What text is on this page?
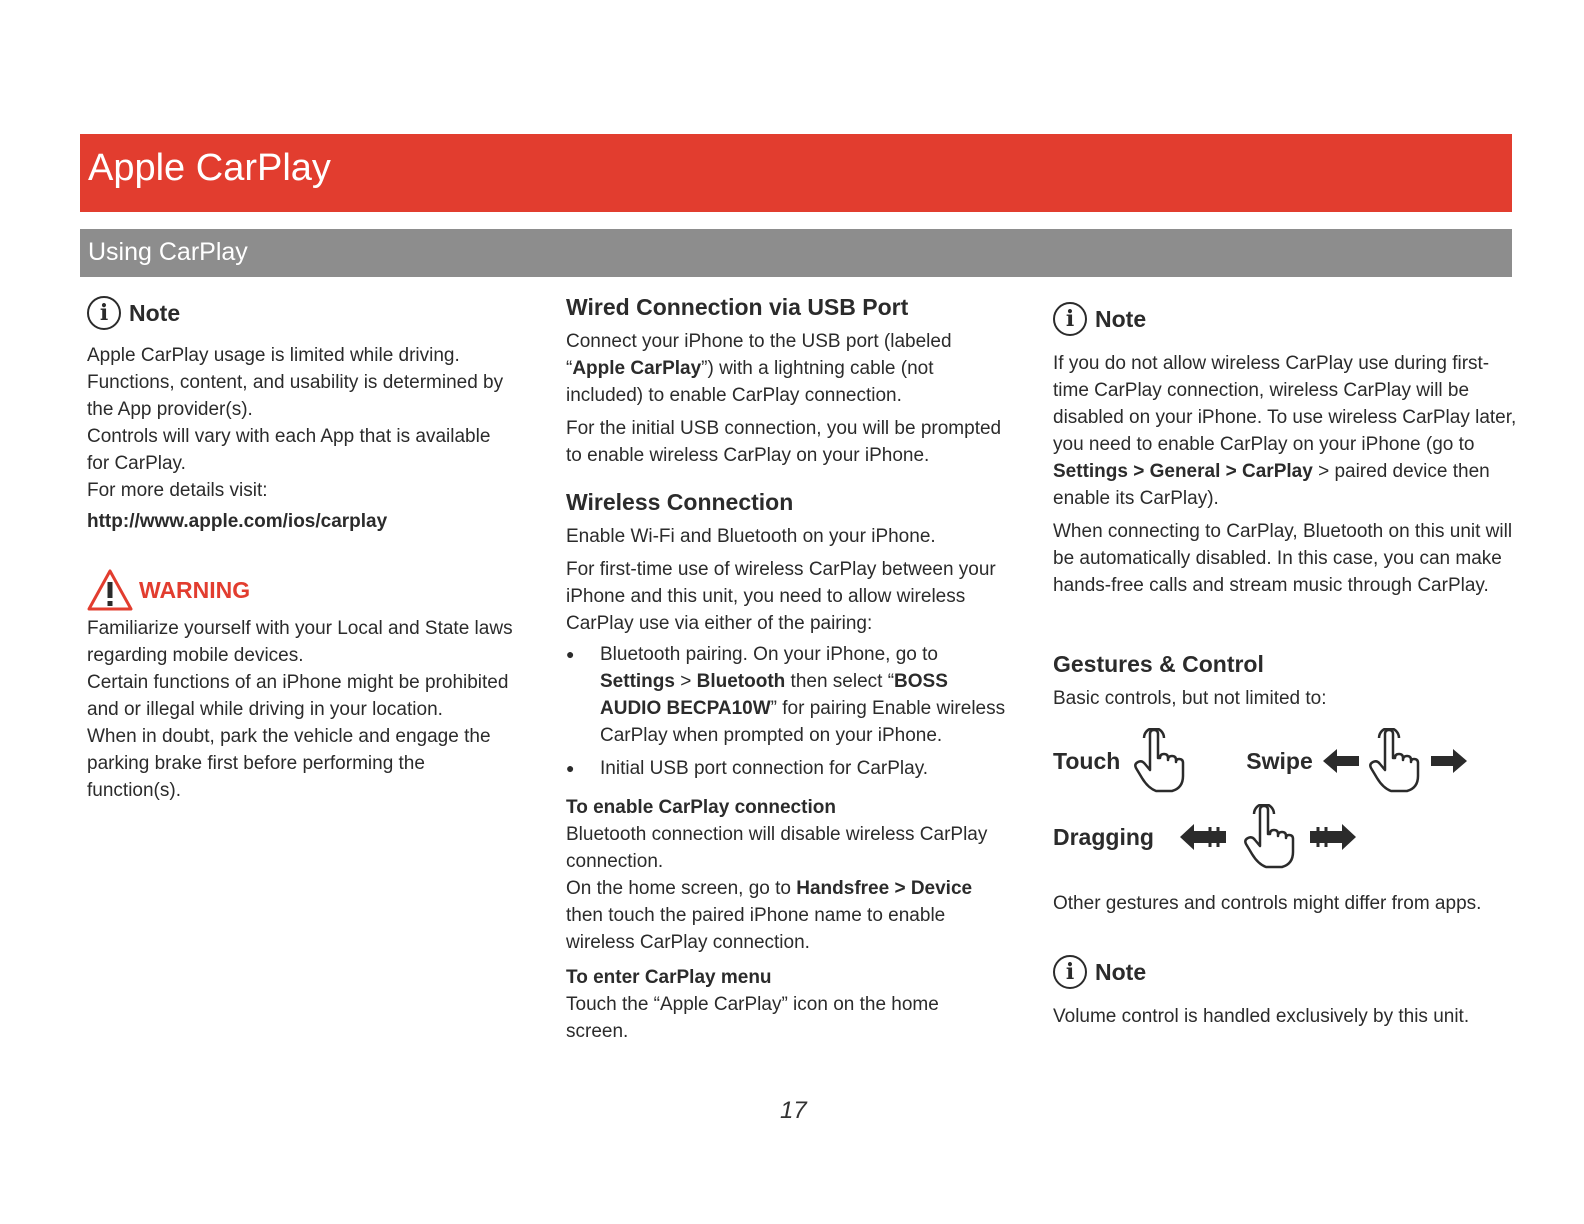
Apple CarPlay
Using CarPlay
i Note

Apple CarPlay usage is limited while driving.

Functions, content, and usability is determined by the App provider(s).

Controls will vary with each App that is available for CarPlay.

For more details visit:

http://www.apple.com/ios/carplay

WARNING

Familiarize yourself with your Local and State laws regarding mobile devices.

Certain functions of an iPhone might be prohibited and or illegal while driving in your location.

When in doubt, park the vehicle and engage the parking brake first before performing the function(s).

Wired Connection via USB Port

Connect your iPhone to the USB port (labeled “Apple CarPlay”) with a lightning cable (not included) to enable CarPlay connection.

For the initial USB connection, you will be prompted to enable wireless CarPlay on your iPhone.

Wireless Connection

Enable Wi-Fi and Bluetooth on your iPhone.

For first-time use of wireless CarPlay between your iPhone and this unit, you need to allow wireless CarPlay use via either of the pairing:

● Bluetooth pairing. On your iPhone, go to Settings > Bluetooth then select “BOSS AUDIO BECPA10W” for pairing Enable wireless CarPlay when prompted on your iPhone.
● Initial USB port connection for CarPlay.
To enable CarPlay connection

Bluetooth connection will disable wireless CarPlay connection.

On the home screen, go to Handsfree > Device then touch the paired iPhone name to enable wireless CarPlay connection.

To enter CarPlay menu

Touch the “Apple CarPlay” icon on the home screen.

i Note

If you do not allow wireless CarPlay use during first-time CarPlay connection, wireless CarPlay will be disabled on your iPhone. To use wireless CarPlay later, you need to enable CarPlay on your iPhone (go to Settings > General > CarPlay > paired device then enable its CarPlay).

When connecting to CarPlay, Bluetooth on this unit will be automatically disabled. In this case, you can make hands-free calls and stream music through CarPlay.

Gestures & Control

Basic controls, but not limited to:

Touch	Swipe
Dragging

Other gestures and controls might differ from apps.

i Note

Volume control is handled exclusively by this unit.

17
